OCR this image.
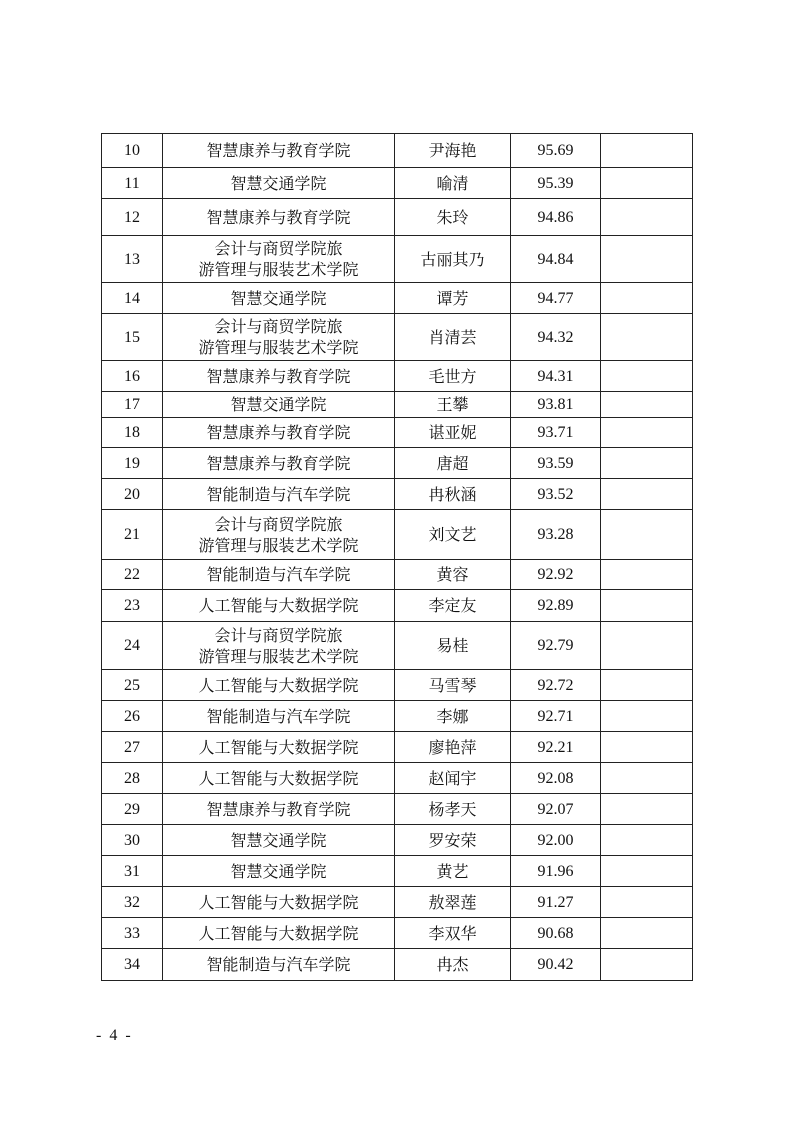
10	智慧康养与教育学院	尹海艳	95.69	
11	智慧交通学院	喻清	95.39	
12	智慧康养与教育学院	朱玲	94.86	
13	会计与商贸学院旅
游管理与服装艺术学院	古丽其乃	94.84	
14	智慧交通学院	谭芳	94.77	
15	会计与商贸学院旅
游管理与服装艺术学院	肖清芸	94.32	
16	智慧康养与教育学院	毛世方	94.31	
17	智慧交通学院	王攀	93.81	
18	智慧康养与教育学院	谌亚妮	93.71	
19	智慧康养与教育学院	唐超	93.59	
20	智能制造与汽车学院	冉秋涵	93.52	
21	会计与商贸学院旅
游管理与服装艺术学院	刘文艺	93.28	
22	智能制造与汽车学院	黄容	92.92	
23	人工智能与大数据学院	李定友	92.89	
24	会计与商贸学院旅
游管理与服装艺术学院	易桂	92.79	
25	人工智能与大数据学院	马雪琴	92.72	
26	智能制造与汽车学院	李娜	92.71	
27	人工智能与大数据学院	廖艳萍	92.21	
28	人工智能与大数据学院	赵闻宇	92.08	
29	智慧康养与教育学院	杨孝天	92.07	
30	智慧交通学院	罗安荣	92.00	
31	智慧交通学院	黄艺	91.96	
32	人工智能与大数据学院	敖翠莲	91.27	
33	人工智能与大数据学院	李双华	90.68	
34	智能制造与汽车学院	冉杰	90.42	
- 4 -
